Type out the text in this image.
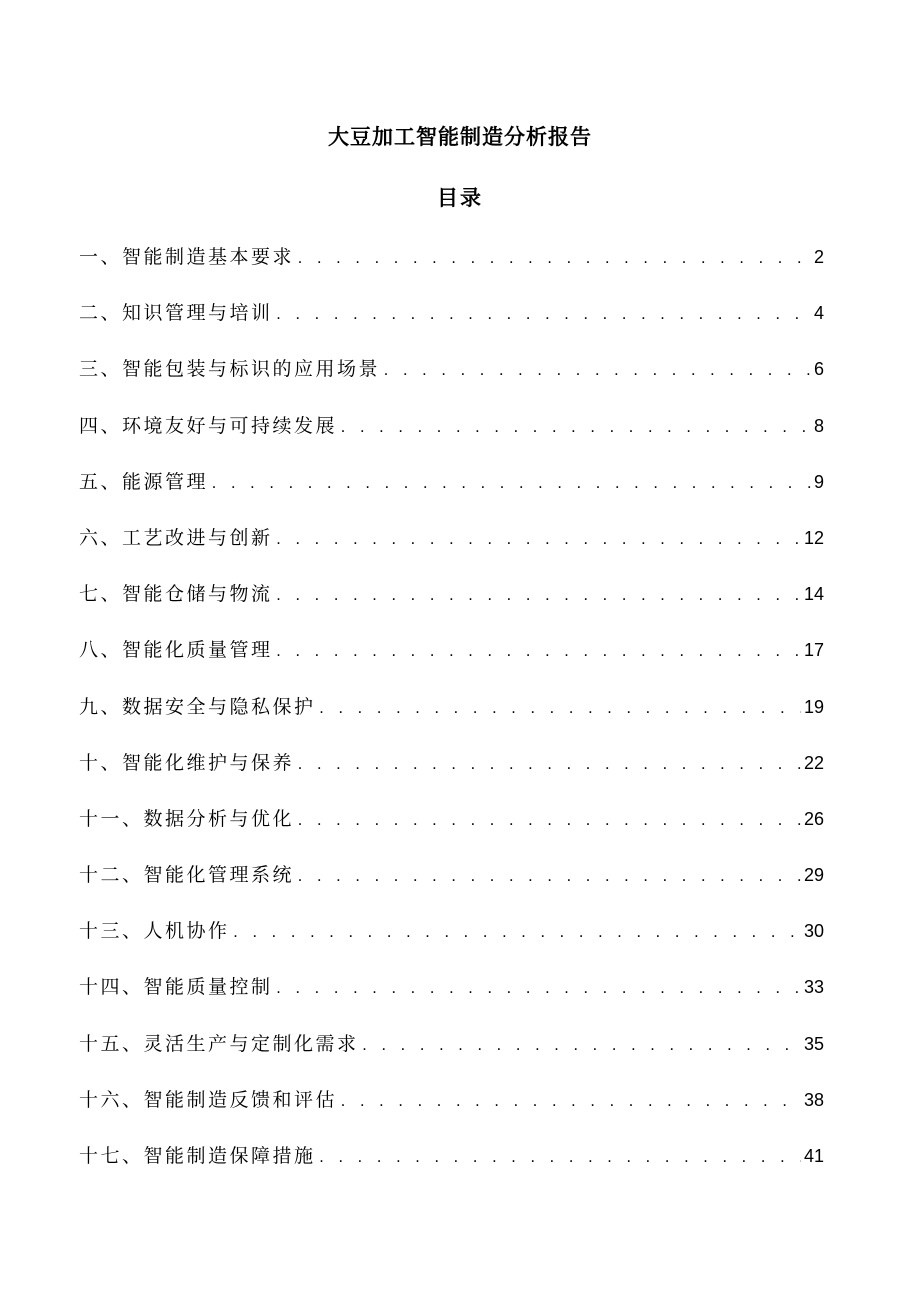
大豆加工智能制造分析报告
目录
一、智能制造基本要求 . . .	2
二、知识管理与培训 . . .	4
三、智能包装与标识的应用场景 . . .	6
四、环境友好与可持续发展 . . .	8
五、能源管理 . . .	9
六、工艺改进与创新 . . .	12
七、智能仓储与物流 . . .	14
八、智能化质量管理 . . .	17
九、数据安全与隐私保护 . . .	19
十、智能化维护与保养 . . .	22
十一、数据分析与优化 . . .	26
十二、智能化管理系统 . . .	29
十三、人机协作 . . .	30
十四、智能质量控制 . . .	33
十五、灵活生产与定制化需求 . . .	35
十六、智能制造反馈和评估 . . .	38
十七、智能制造保障措施 . . .	41
